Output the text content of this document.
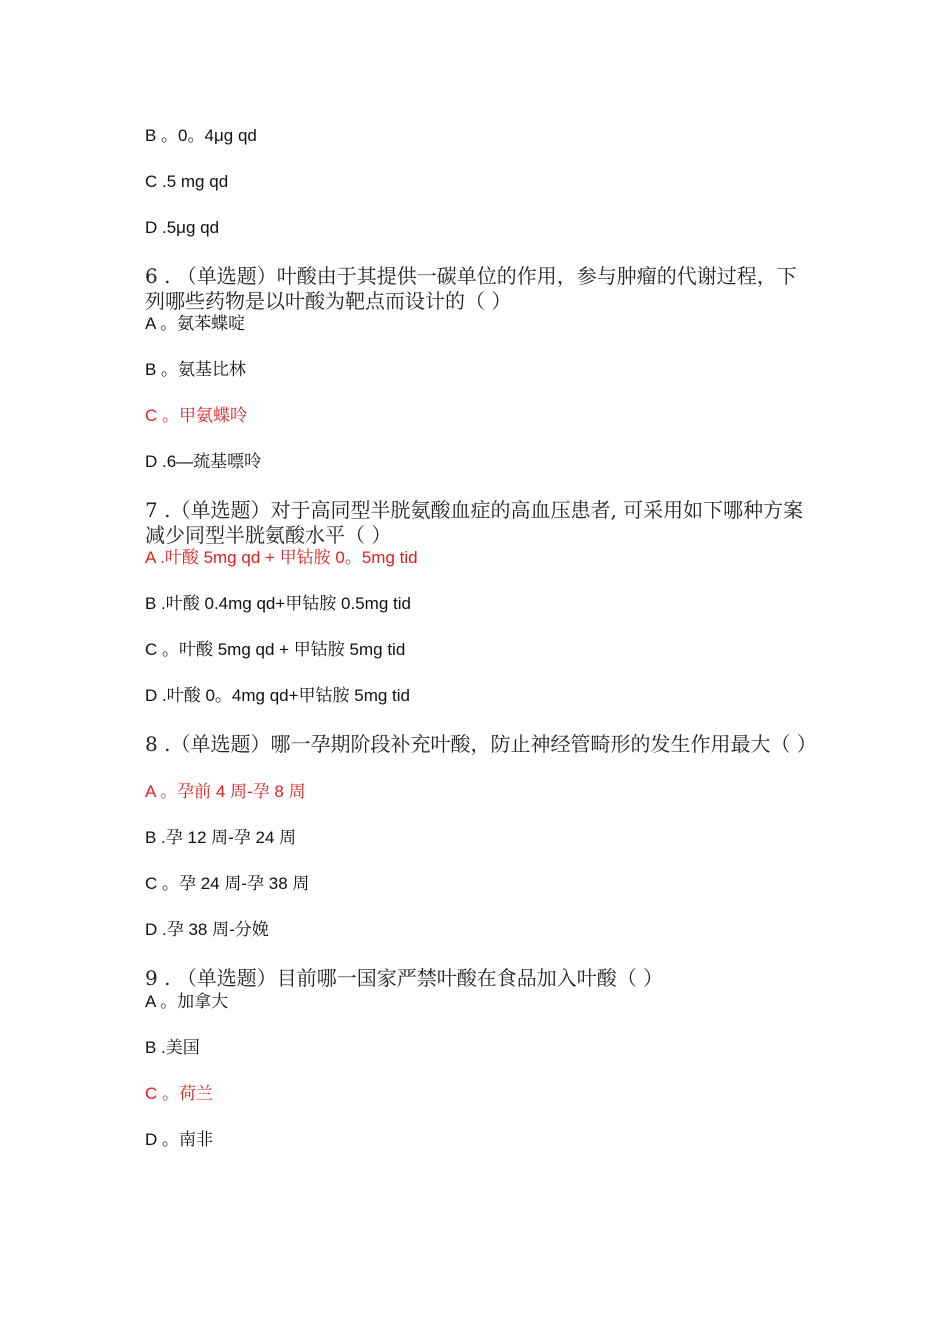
B 。0。4μg qd
C .5 mg qd
D .5μg qd
6 . （单选题）叶酸由于其提供一碳单位的作用，参与肿瘤的代谢过程，下列哪些药物是以叶酸为靶点而设计的（ ）
A 。氨苯蝶啶
B 。氨基比林
C 。甲氨蝶呤
D .6—巯基嘌呤
7 .（单选题）对于高同型半胱氨酸血症的高血压患者, 可采用如下哪种方案减少同型半胱氨酸水平（ ）
A .叶酸 5mg qd + 甲钴胺 0。5mg tid
B .叶酸 0.4mg qd+甲钴胺 0.5mg tid
C 。叶酸 5mg qd + 甲钴胺 5mg tid
D .叶酸 0。4mg qd+甲钴胺 5mg tid
8 .（单选题）哪一孕期阶段补充叶酸，防止神经管畸形的发生作用最大（ ）
A 。孕前 4 周-孕 8 周
B .孕 12 周-孕 24 周
C 。孕 24 周-孕 38 周
D .孕 38 周-分娩
9 . （单选题）目前哪一国家严禁叶酸在食品加入叶酸（ ）
A 。加拿大
B .美国
C 。荷兰
D 。南非
